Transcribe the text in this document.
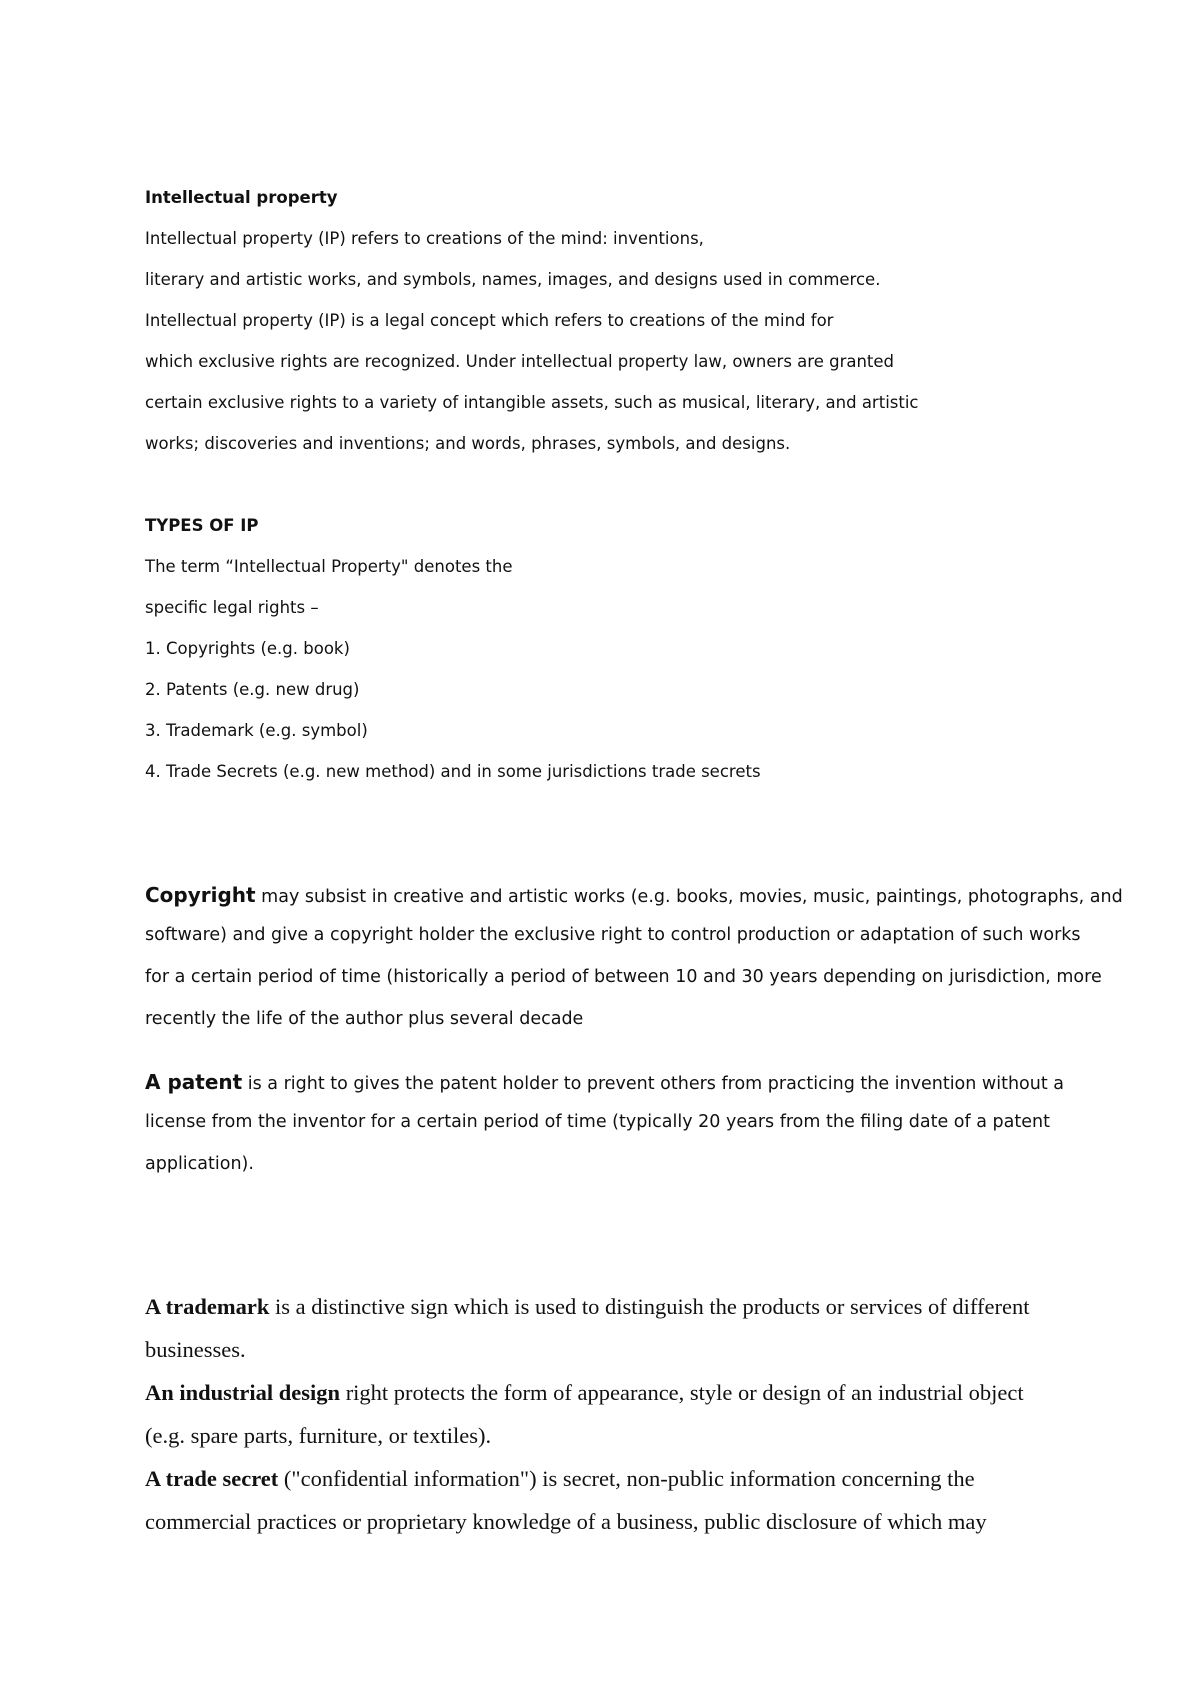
Intellectual property

Intellectual property (IP) refers to creations of the mind: inventions,

literary and artistic works, and symbols, names, images, and designs used in commerce.

Intellectual property (IP) is a legal concept which refers to creations of the mind for

which exclusive rights are recognized. Under intellectual property law, owners are granted

certain exclusive rights to a variety of intangible assets, such as musical, literary, and artistic

works; discoveries and inventions; and words, phrases, symbols, and designs.

TYPES OF IP

The term “Intellectual Property" denotes the

specific legal rights –

1. Copyrights (e.g. book)

2. Patents (e.g. new drug)

3. Trademark (e.g. symbol)

4. Trade Secrets (e.g. new method) and in some jurisdictions trade secrets

Copyright may subsist in creative and artistic works (e.g. books, movies, music, paintings, photographs, and

software) and give a copyright holder the exclusive right to control production or adaptation of such works

for a certain period of time (historically a period of between 10 and 30 years depending on jurisdiction, more

recently the life of the author plus several decade

A patent is a right to gives the patent holder to prevent others from practicing the invention without a

license from the inventor for a certain period of time (typically 20 years from the filing date of a patent

application).

A trademark is a distinctive sign which is used to distinguish the products or services of different

businesses.

An industrial design right protects the form of appearance, style or design of an industrial object

(e.g. spare parts, furniture, or textiles).

A trade secret ("confidential information") is secret, non-public information concerning the

commercial practices or proprietary knowledge of a business, public disclosure of which may
